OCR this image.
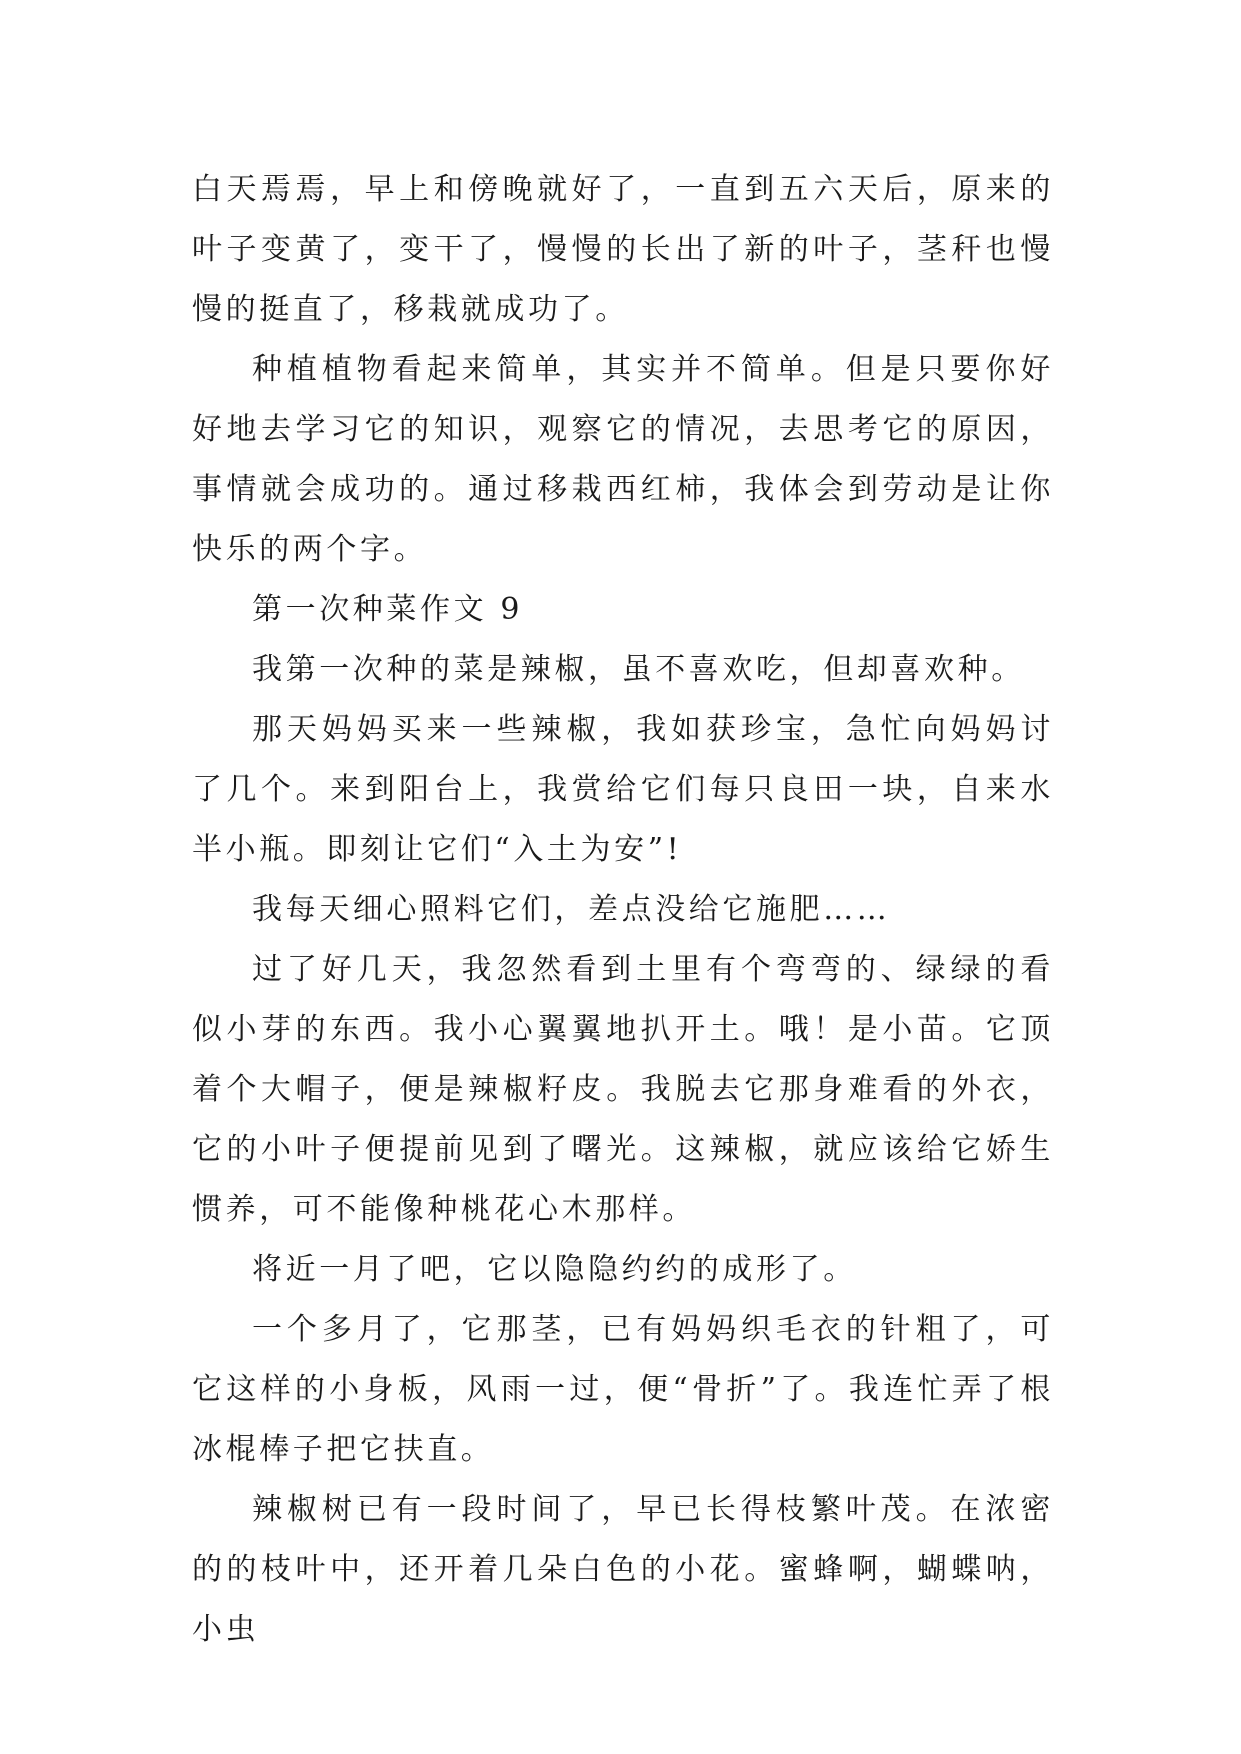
白天焉焉，早上和傍晚就好了，一直到五六天后，原来的叶子变黄了，变干了，慢慢的长出了新的叶子，茎秆也慢慢的挺直了，移栽就成功了。

种植植物看起来简单，其实并不简单。但是只要你好好地去学习它的知识，观察它的情况，去思考它的原因，事情就会成功的。通过移栽西红柿，我体会到劳动是让你快乐的两个字。

第一次种菜作文 9

我第一次种的菜是辣椒，虽不喜欢吃，但却喜欢种。

那天妈妈买来一些辣椒，我如获珍宝，急忙向妈妈讨了几个。来到阳台上，我赏给它们每只良田一块，自来水半小瓶。即刻让它们“入土为安”!

我每天细心照料它们，差点没给它施肥……

过了好几天，我忽然看到土里有个弯弯的、绿绿的看似小芽的东西。我小心翼翼地扒开土。哦！是小苗。它顶着个大帽子，便是辣椒籽皮。我脱去它那身难看的外衣，它的小叶子便提前见到了曙光。这辣椒，就应该给它娇生惯养，可不能像种桃花心木那样。

将近一月了吧，它以隐隐约约的成形了。

一个多月了，它那茎，已有妈妈织毛衣的针粗了，可它这样的小身板，风雨一过，便“骨折”了。我连忙弄了根冰棍棒子把它扶直。

辣椒树已有一段时间了，早已长得枝繁叶茂。在浓密的的枝叶中，还开着几朵白色的小花。蜜蜂啊，蝴蝶呐，小虫
